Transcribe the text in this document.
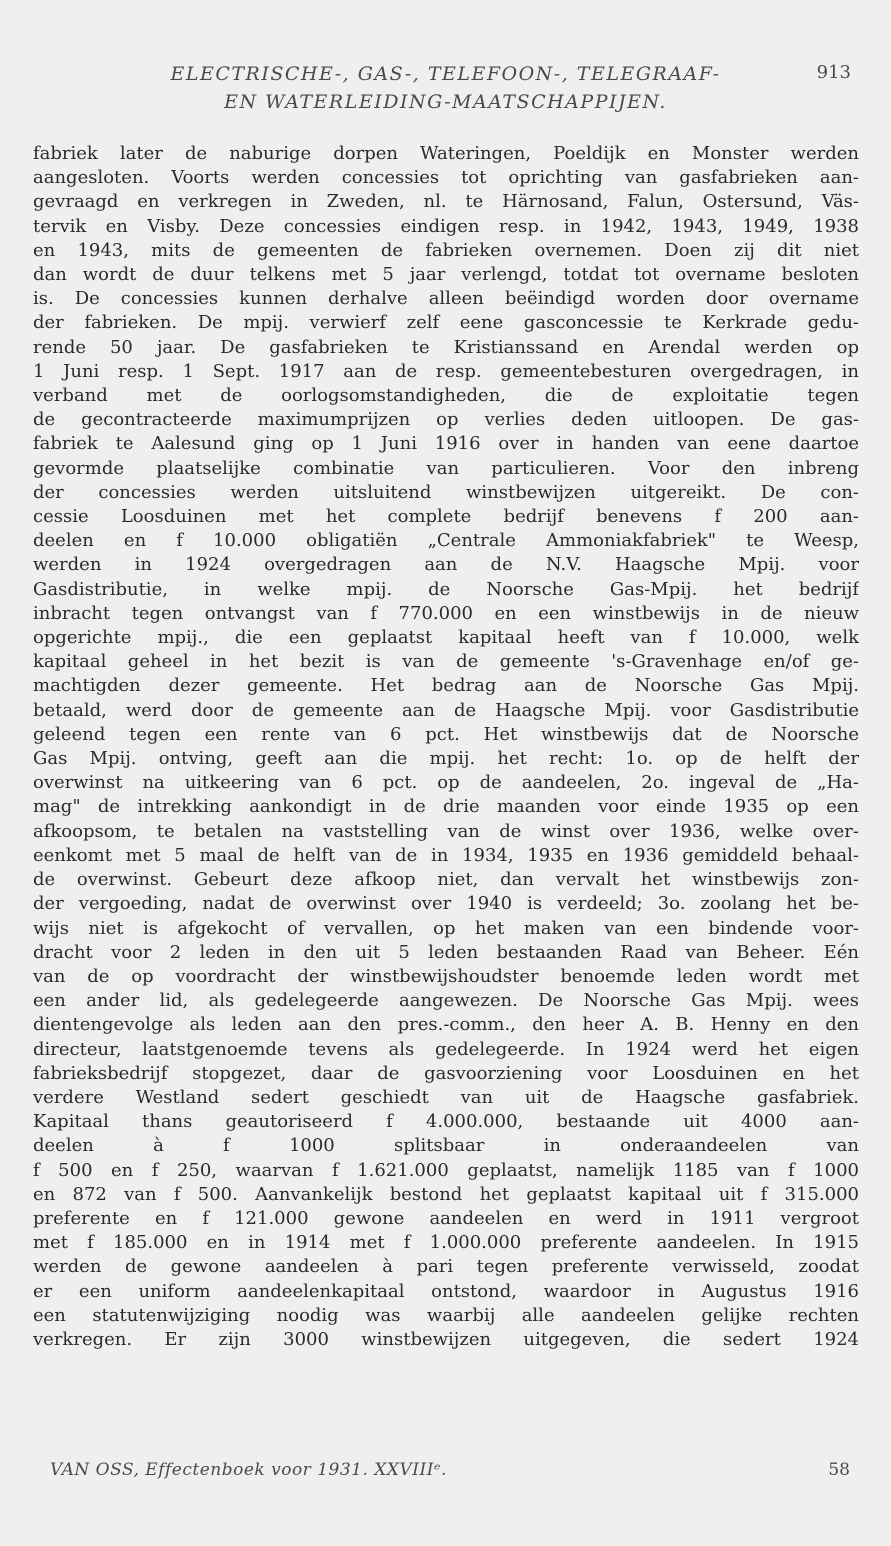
ELECTRISCHE-, GAS-, TELEFOON-, TELEGRAAF-
EN WATERLEIDING-MAATSCHAPPIJEN.
913
fabriek later de naburige dorpen Wateringen, Poeldijk en Monster werden
aangesloten. Voorts werden concessies tot oprichting van gasfabrieken aan-
gevraagd en verkregen in Zweden, nl. te Härnosand, Falun, Ostersund, Väs-
tervik en Visby. Deze concessies eindigen resp. in 1942, 1943, 1949, 1938
en 1943, mits de gemeenten de fabrieken overnemen. Doen zij dit niet
dan wordt de duur telkens met 5 jaar verlengd, totdat tot overname besloten
is. De concessies kunnen derhalve alleen beëindigd worden door overname
der fabrieken. De mpij. verwierf zelf eene gasconcessie te Kerkrade gedu-
rende 50 jaar. De gasfabrieken te Kristianssand en Arendal werden op
1 Juni resp. 1 Sept. 1917 aan de resp. gemeentebesturen overgedragen, in
verband met de oorlogsomstandigheden, die de exploitatie tegen
de gecontracteerde maximumprijzen op verlies deden uitloopen. De gas-
fabriek te Aalesund ging op 1 Juni 1916 over in handen van eene daartoe
gevormde plaatselijke combinatie van particulieren. Voor den inbreng
der concessies werden uitsluitend winstbewijzen uitgereikt. De con-
cessie Loosduinen met het complete bedrijf benevens f 200 aan-
deelen en f 10.000 obligatiën „Centrale Ammoniakfabriek" te Weesp,
werden in 1924 overgedragen aan de N.V. Haagsche Mpij. voor
Gasdistributie, in welke mpij. de Noorsche Gas-Mpij. het bedrijf
inbracht tegen ontvangst van f 770.000 en een winstbewijs in de nieuw
opgerichte mpij., die een geplaatst kapitaal heeft van f 10.000, welk
kapitaal geheel in het bezit is van de gemeente 's-Gravenhage en/of ge-
machtigden dezer gemeente. Het bedrag aan de Noorsche Gas Mpij.
betaald, werd door de gemeente aan de Haagsche Mpij. voor Gasdistributie
geleend tegen een rente van 6 pct. Het winstbewijs dat de Noorsche
Gas Mpij. ontving, geeft aan die mpij. het recht: 1o. op de helft der
overwinst na uitkeering van 6 pct. op de aandeelen, 2o. ingeval de „Ha-
mag" de intrekking aankondigt in de drie maanden voor einde 1935 op een
afkoopsom, te betalen na vaststelling van de winst over 1936, welke over-
eenkomt met 5 maal de helft van de in 1934, 1935 en 1936 gemiddeld behaal-
de overwinst. Gebeurt deze afkoop niet, dan vervalt het winstbewijs zon-
der vergoeding, nadat de overwinst over 1940 is verdeeld; 3o. zoolang het be-
wijs niet is afgekocht of vervallen, op het maken van een bindende voor-
dracht voor 2 leden in den uit 5 leden bestaanden Raad van Beheer. Eén
van de op voordracht der winstbewijshoudster benoemde leden wordt met
een ander lid, als gedelegeerde aangewezen. De Noorsche Gas Mpij. wees
dientengevolge als leden aan den pres.-comm., den heer A. B. Henny en den
directeur, laatstgenoemde tevens als gedelegeerde. In 1924 werd het eigen
fabrieksbedrijf stopgezet, daar de gasvoorziening voor Loosduinen en het
verdere Westland sedert geschiedt van uit de Haagsche gasfabriek.
Kapitaal thans geautoriseerd f 4.000.000, bestaande uit 4000 aan-
deelen à f 1000 splitsbaar in onderaandeelen van
f 500 en f 250, waarvan f 1.621.000 geplaatst, namelijk 1185 van f 1000
en 872 van f 500. Aanvankelijk bestond het geplaatst kapitaal uit f 315.000
preferente en f 121.000 gewone aandeelen en werd in 1911 vergroot
met f 185.000 en in 1914 met f 1.000.000 preferente aandeelen. In 1915
werden de gewone aandeelen à pari tegen preferente verwisseld, zoodat
er een uniform aandeelenkapitaal ontstond, waardoor in Augustus 1916
een statutenwijziging noodig was waarbij alle aandeelen gelijke rechten
verkregen. Er zijn 3000 winstbewijzen uitgegeven, die sedert 1924
VAN OSS, Effectenboek voor 1931. XXVIIIᵉ.	58
